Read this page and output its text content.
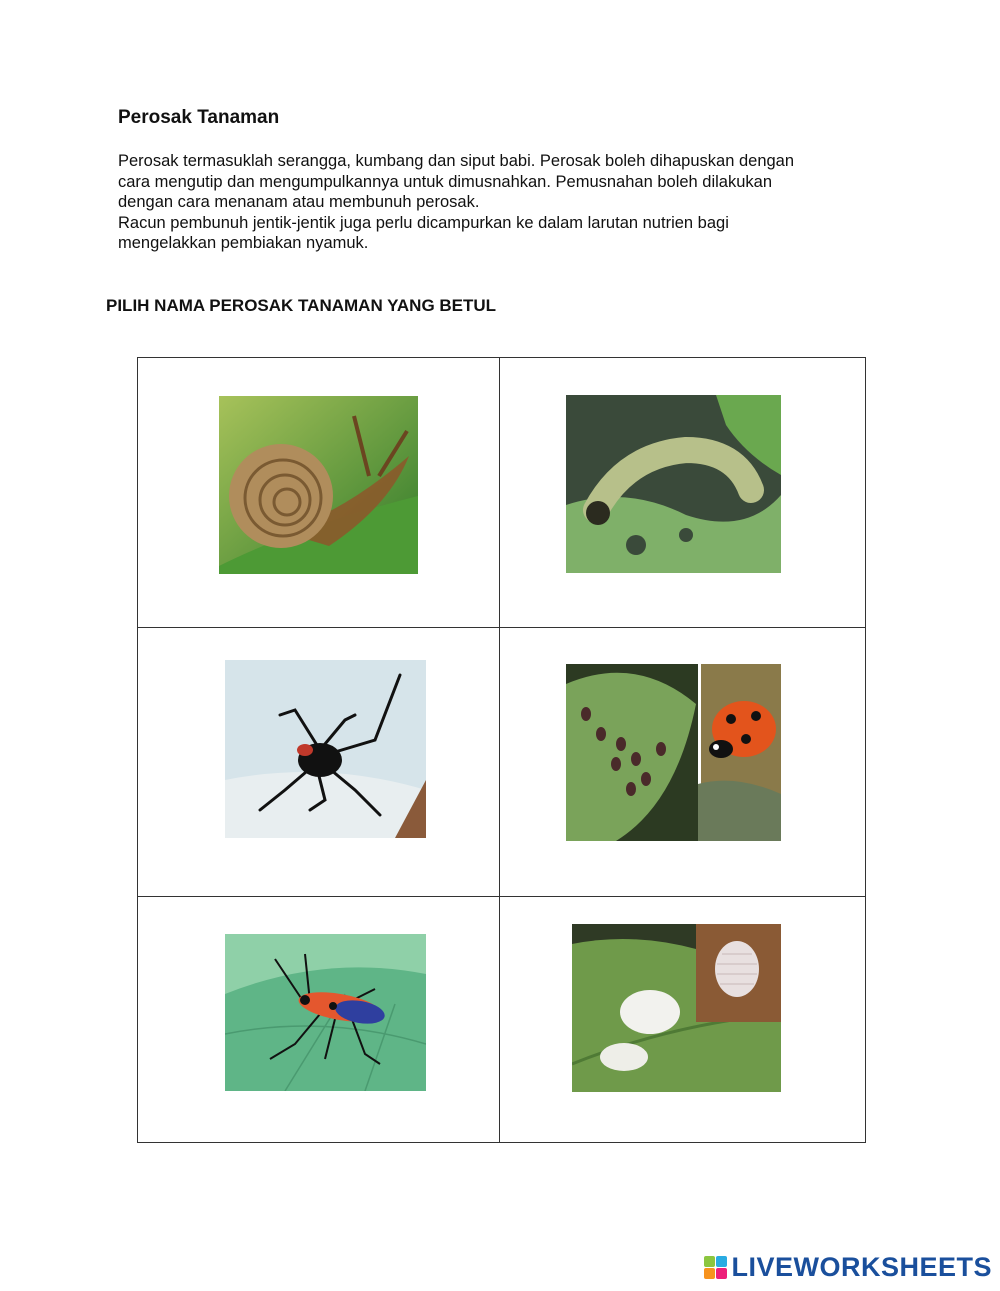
Perosak Tanaman
Perosak termasuklah serangga, kumbang dan siput babi. Perosak boleh dihapuskan dengan
cara mengutip dan mengumpulkannya untuk dimusnahkan. Pemusnahan boleh dilakukan
dengan cara menanam atau membunuh perosak.
Racun pembunuh jentik-jentik juga perlu dicampurkan ke dalam larutan nutrien bagi
mengelakkan pembiakan nyamuk.
PILIH NAMA PEROSAK TANAMAN YANG BETUL
LIVEWORKSHEETS
